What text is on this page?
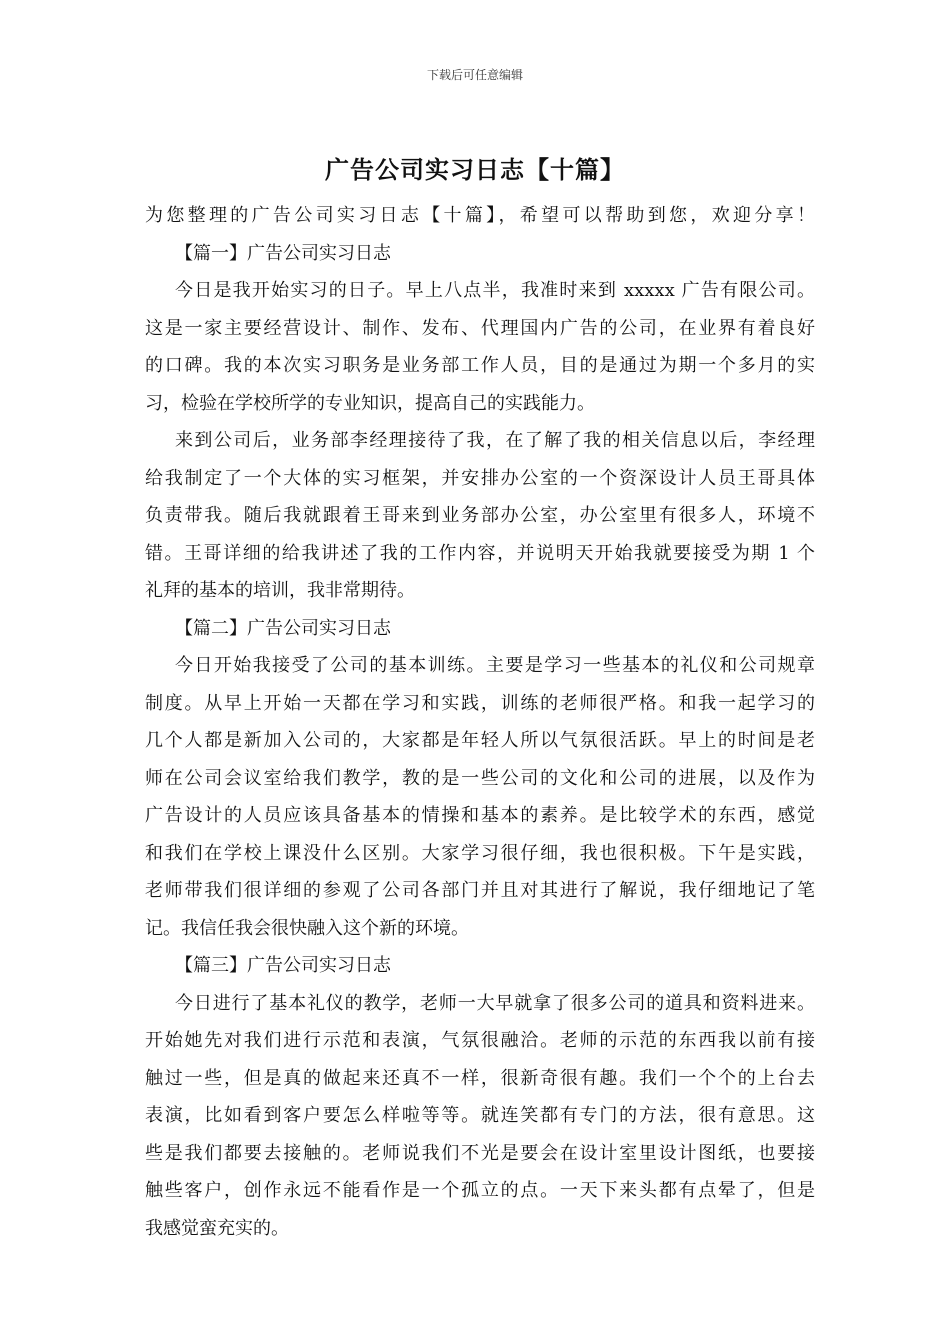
下载后可任意编辑
广告公司实习日志【十篇】
为您整理的广告公司实习日志【十篇】，希望可以帮助到您，欢迎分享！
【篇一】广告公司实习日志
今日是我开始实习的日子。早上八点半，我准时来到 xxxxx 广告有限公司。
这是一家主要经营设计、制作、发布、代理国内广告的公司，在业界有着良好
的口碑。我的本次实习职务是业务部工作人员，目的是通过为期一个多月的实
习，检验在学校所学的专业知识，提高自己的实践能力。
来到公司后，业务部李经理接待了我，在了解了我的相关信息以后，李经理
给我制定了一个大体的实习框架，并安排办公室的一个资深设计人员王哥具体
负责带我。随后我就跟着王哥来到业务部办公室，办公室里有很多人，环境不
错。王哥详细的给我讲述了我的工作内容，并说明天开始我就要接受为期 1 个
礼拜的基本的培训，我非常期待。
【篇二】广告公司实习日志
今日开始我接受了公司的基本训练。主要是学习一些基本的礼仪和公司规章
制度。从早上开始一天都在学习和实践，训练的老师很严格。和我一起学习的
几个人都是新加入公司的，大家都是年轻人所以气氛很活跃。早上的时间是老
师在公司会议室给我们教学，教的是一些公司的文化和公司的进展，以及作为
广告设计的人员应该具备基本的情操和基本的素养。是比较学术的东西，感觉
和我们在学校上课没什么区别。大家学习很仔细，我也很积极。下午是实践，
老师带我们很详细的参观了公司各部门并且对其进行了解说，我仔细地记了笔
记。我信任我会很快融入这个新的环境。
【篇三】广告公司实习日志
今日进行了基本礼仪的教学，老师一大早就拿了很多公司的道具和资料进来。
开始她先对我们进行示范和表演，气氛很融洽。老师的示范的东西我以前有接
触过一些，但是真的做起来还真不一样，很新奇很有趣。我们一个个的上台去
表演，比如看到客户要怎么样啦等等。就连笑都有专门的方法，很有意思。这
些是我们都要去接触的。老师说我们不光是要会在设计室里设计图纸，也要接
触些客户，创作永远不能看作是一个孤立的点。一天下来头都有点晕了，但是
我感觉蛮充实的。
